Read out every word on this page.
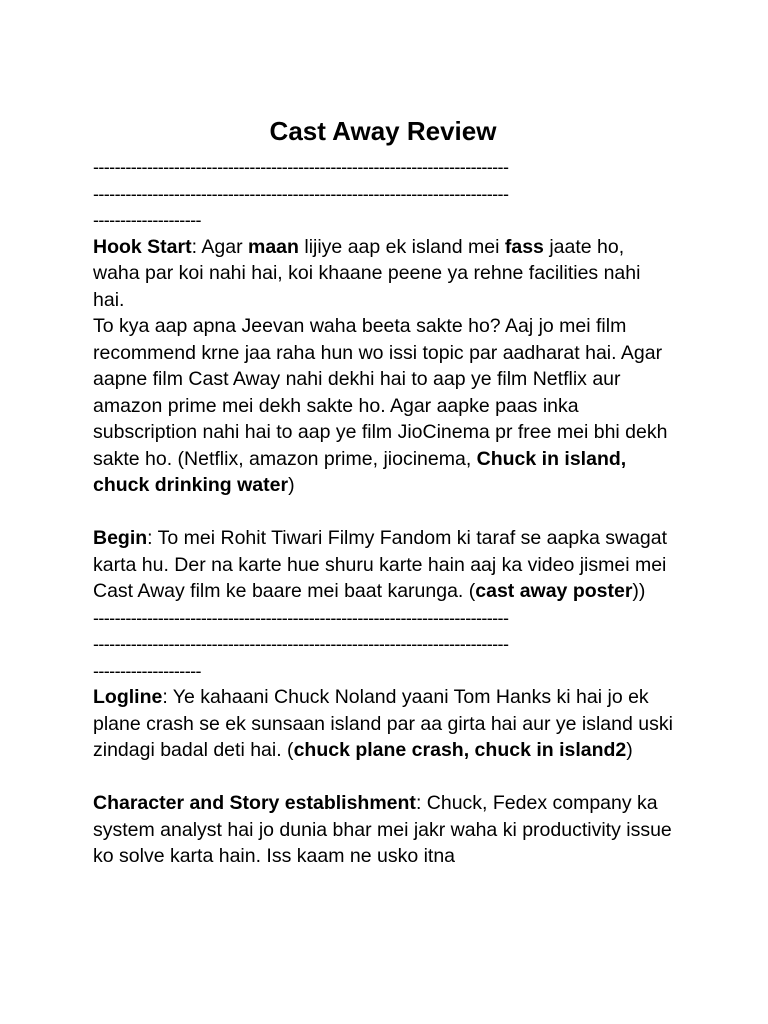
Cast Away Review
-----------------------------------------------------------------------------
-----------------------------------------------------------------------------
--------------------

Hook Start: Agar maan lijiye aap ek island mei fass jaate ho, waha par koi nahi hai, koi khaane peene ya rehne facilities nahi hai.

To kya aap apna Jeevan waha beeta sakte ho? Aaj jo mei film recommend krne jaa raha hun wo issi topic par aadharat hai. Agar aapne film Cast Away nahi dekhi hai to aap ye film Netflix aur amazon prime mei dekh sakte ho. Agar aapke paas inka subscription nahi hai to aap ye film JioCinema pr free mei bhi dekh sakte ho. (Netflix, amazon prime, jiocinema, Chuck in island, chuck drinking water)

Begin: To mei Rohit Tiwari Filmy Fandom ki taraf se aapka swagat karta hu. Der na karte hue shuru karte hain aaj ka video jismei mei Cast Away film ke baare mei baat karunga. (cast away poster))

-----------------------------------------------------------------------------
-----------------------------------------------------------------------------
--------------------

Logline: Ye kahaani Chuck Noland yaani Tom Hanks ki hai jo ek plane crash se ek sunsaan island par aa girta hai aur ye island uski zindagi badal deti hai. (chuck plane crash, chuck in island2)

Character and Story establishment: Chuck, Fedex company ka system analyst hai jo dunia bhar mei jakr waha ki productivity issue ko solve karta hain. Iss kaam ne usko itna
